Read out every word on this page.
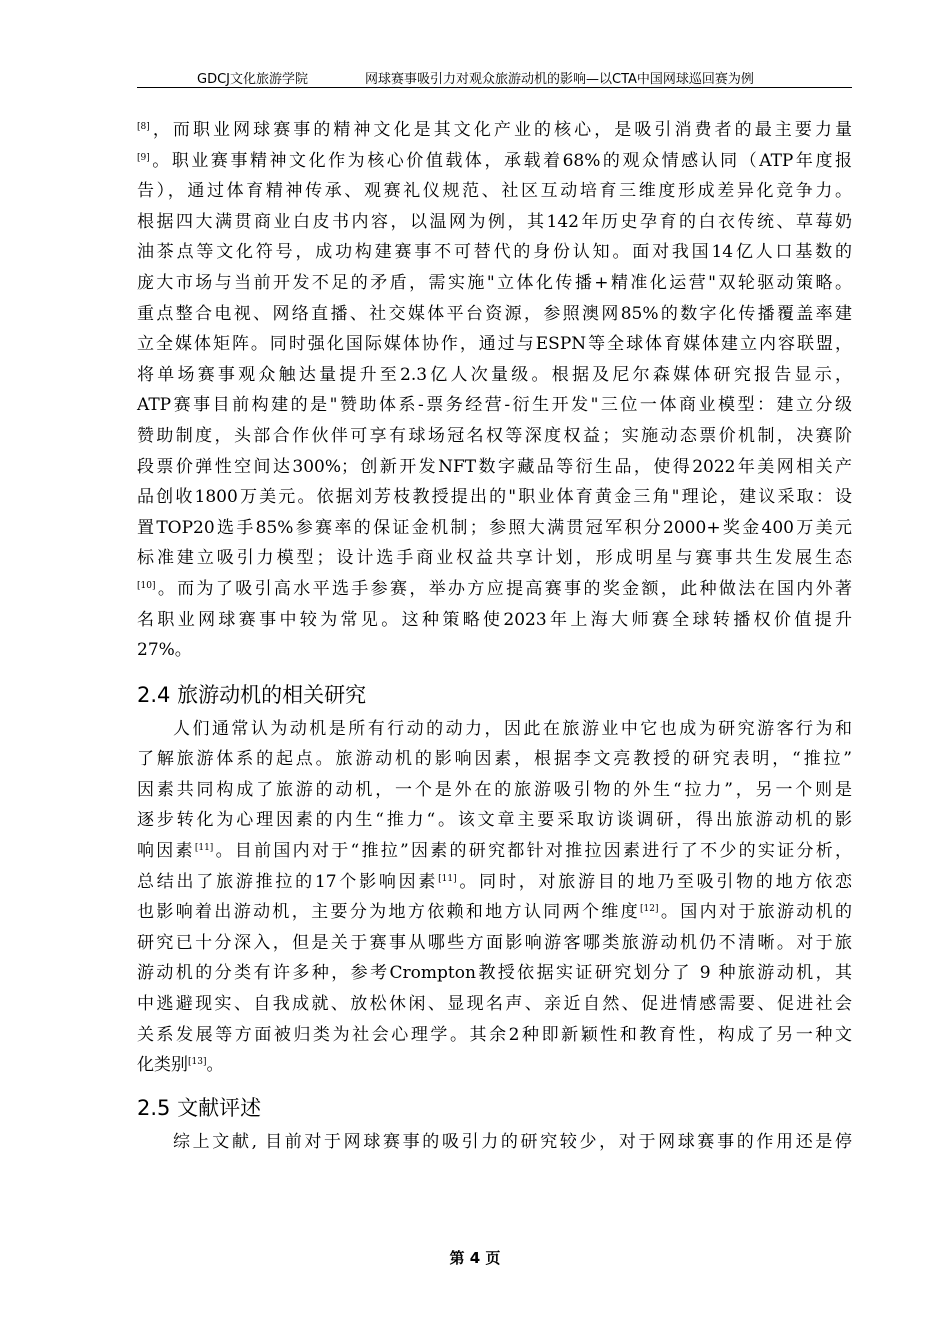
GDCJ文化旅游学院	网球赛事吸引力对观众旅游动机的影响—以CTA中国网球巡回赛为例
[8]，而职业网球赛事的精神文化是其文化产业的核心，是吸引消费者的最主要力量
[9]。职业赛事精神文化作为核心价值载体，承载着68%的观众情感认同（ATP年度报
告），通过体育精神传承、观赛礼仪规范、社区互动培育三维度形成差异化竞争力。
根据四大满贯商业白皮书内容，以温网为例，其142年历史孕育的白衣传统、草莓奶
油茶点等文化符号，成功构建赛事不可替代的身份认知。面对我国14亿人口基数的
庞大市场与当前开发不足的矛盾，需实施"立体化传播+精准化运营"双轮驱动策略。
重点整合电视、网络直播、社交媒体平台资源，参照澳网85%的数字化传播覆盖率建
立全媒体矩阵。同时强化国际媒体协作，通过与ESPN等全球体育媒体建立内容联盟，
将单场赛事观众触达量提升至2.3亿人次量级。根据及尼尔森媒体研究报告显示，
ATP赛事目前构建的是"赞助体系-票务经营-衍生开发"三位一体商业模型：建立分级
赞助制度，头部合作伙伴可享有球场冠名权等深度权益；实施动态票价机制，决赛阶
段票价弹性空间达300%；创新开发NFT数字藏品等衍生品，使得2022年美网相关产
品创收1800万美元。依据刘芳枝教授提出的"职业体育黄金三角"理论，建议采取：设
置TOP20选手85%参赛率的保证金机制；参照大满贯冠军积分2000+奖金400万美元
标准建立吸引力模型；设计选手商业权益共享计划，形成明星与赛事共生发展生态
[10]。而为了吸引高水平选手参赛，举办方应提高赛事的奖金额，此种做法在国内外著
名职业网球赛事中较为常见。这种策略使2023年上海大师赛全球转播权价值提升
27%。
2.4 旅游动机的相关研究
人们通常认为动机是所有行动的动力，因此在旅游业中它也成为研究游客行为和
了解旅游体系的起点。旅游动机的影响因素，根据李文亮教授的研究表明，“推拉”
因素共同构成了旅游的动机，一个是外在的旅游吸引物的外生“拉力”，另一个则是
逐步转化为心理因素的内生“推力“。该文章主要采取访谈调研，得出旅游动机的影
响因素[11]。目前国内对于“推拉”因素的研究都针对推拉因素进行了不少的实证分析，
总结出了旅游推拉的17个影响因素[11]。同时，对旅游目的地乃至吸引物的地方依恋
也影响着出游动机，主要分为地方依赖和地方认同两个维度[12]。国内对于旅游动机的
研究已十分深入，但是关于赛事从哪些方面影响游客哪类旅游动机仍不清晰。对于旅
游动机的分类有许多种，参考Crompton教授依据实证研究划分了 9 种旅游动机，其
中逃避现实、自我成就、放松休闲、显现名声、亲近自然、促进情感需要、促进社会
关系发展等方面被归类为社会心理学。其余2种即新颖性和教育性，构成了另一种文
化类别[13]。
2.5 文献评述
综上文献, 目前对于网球赛事的吸引力的研究较少，对于网球赛事的作用还是停
第 4 页
